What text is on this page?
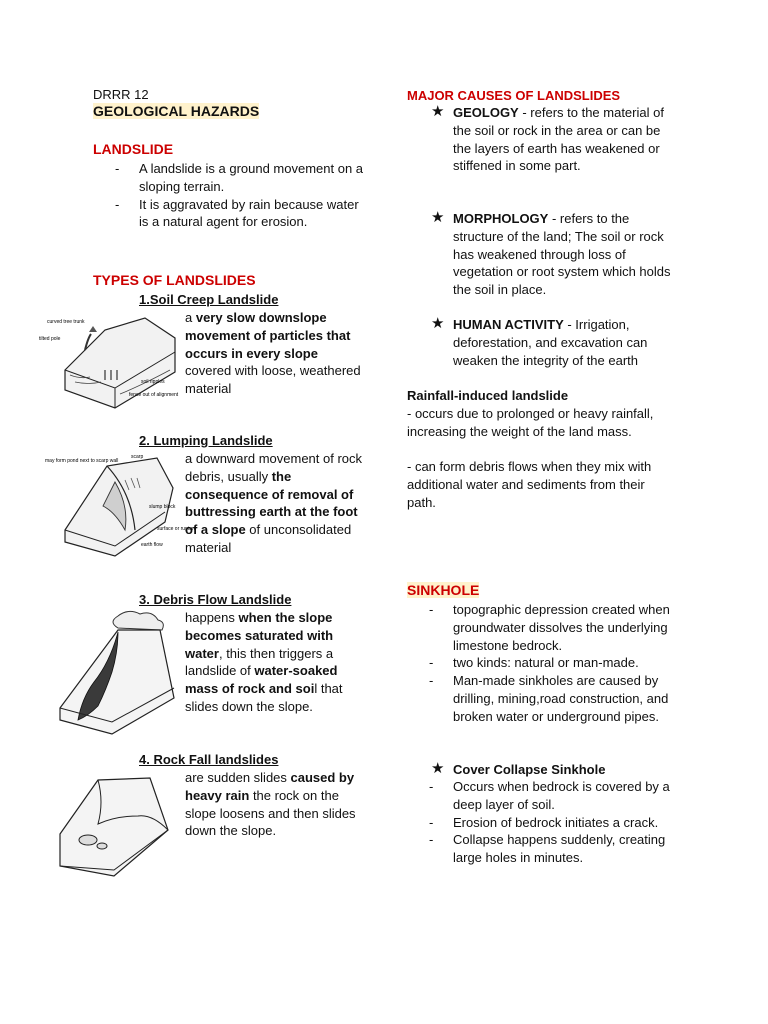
DRRR 12
GEOLOGICAL HAZARDS
LANDSLIDE
- A landslide is a ground movement on a sloping terrain.
- It is aggravated by rain because water is a natural agent for erosion.
TYPES OF LANDSLIDES
1.Soil Creep Landslide
a very slow downslope movement of particles that occurs in every slope covered with loose, weathered material
curved tree trunk
tilted pole
soil ripples
fence out of alignment
2. Lumping Landslide
a downward movement of rock debris, usually the consequence of removal of buttressing earth at the foot of a slope of unconsolidated material
may form pond next to scarp wall
scarp
slump block
surface or rupture
earth flow
3. Debris Flow Landslide
happens when the slope becomes saturated with water, this then triggers a landslide of water-soaked mass of rock and soil that slides down the slope.
4. Rock Fall landslides
are sudden slides caused by heavy rain the rock on the slope loosens and then slides down the slope.
MAJOR CAUSES OF LANDSLIDES
★ GEOLOGY - refers to the material of the soil or rock in the area or can be the layers of earth has weakened or stiffened in some part.
★ MORPHOLOGY - refers to the structure of the land; The soil or rock has weakened through loss of vegetation or root system which holds the soil in place.
★ HUMAN ACTIVITY - Irrigation, deforestation, and excavation can weaken the integrity of the earth
Rainfall-induced landslide
- occurs due to prolonged or heavy rainfall, increasing the weight of the land mass.
- can form debris flows when they mix with additional water and sediments from their path.
SINKHOLE
- topographic depression created when groundwater dissolves the underlying limestone bedrock.
- two kinds: natural or man-made.
- Man-made sinkholes are caused by drilling, mining,road construction, and broken water or underground pipes.
★ Cover Collapse Sinkhole
- Occurs when bedrock is covered by a deep layer of soil.
- Erosion of bedrock initiates a crack.
- Collapse happens suddenly, creating large holes in minutes.
